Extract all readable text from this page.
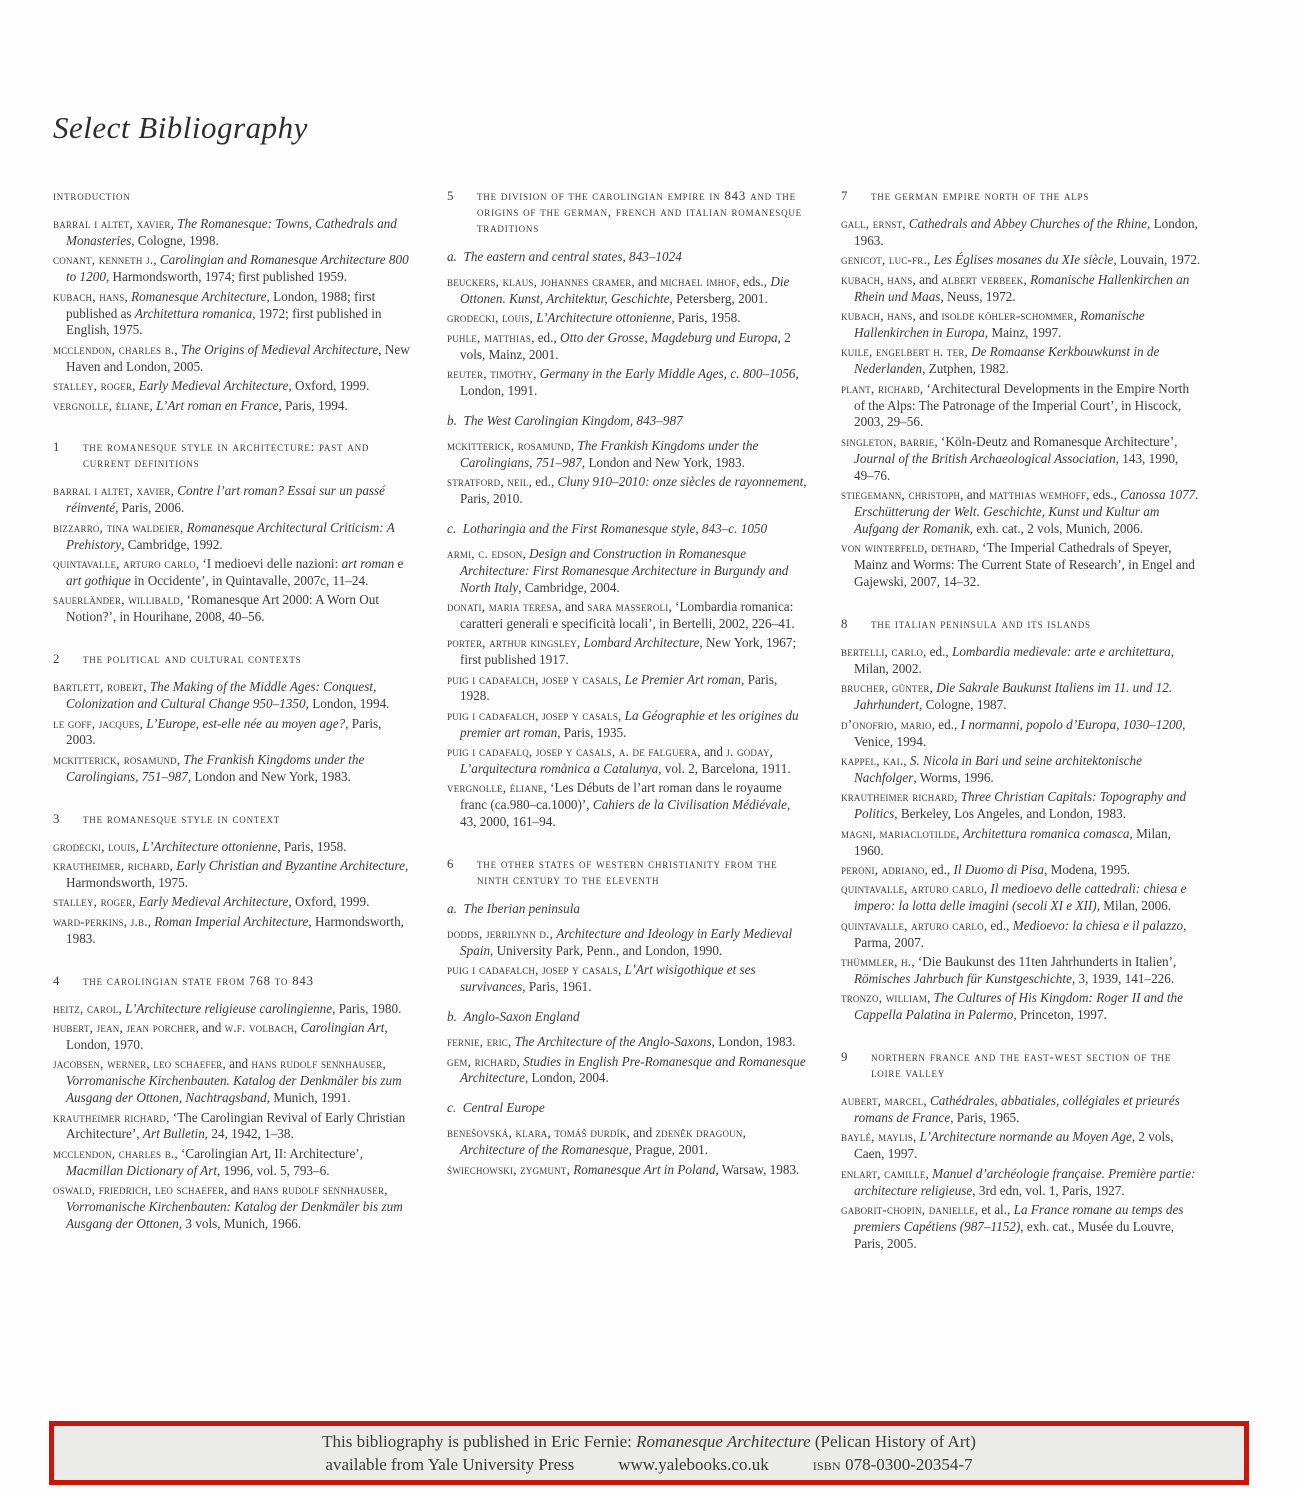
Select Bibliography
introduction

barral i altet, xavier, The Romanesque: Towns, Cathedrals and Monasteries, Cologne, 1998.

conant, kenneth j., Carolingian and Romanesque Architecture 800 to 1200, Harmondsworth, 1974; first published 1959.

kubach, hans, Romanesque Architecture, London, 1988; first published as Architettura romanica, 1972; first published in English, 1975.

mcclendon, charles b., The Origins of Medieval Architecture, New Haven and London, 2005.

stalley, roger, Early Medieval Architecture, Oxford, 1999.

vergnolle, éliane, L’Art roman en France, Paris, 1994.

1	the romanesque style in architecture: past and current definitions

barral i altet, xavier, Contre l’art roman? Essai sur un passé réinventé, Paris, 2006.

bizzarro, tina waldeier, Romanesque Architectural Criticism: A Prehistory, Cambridge, 1992.

quintavalle, arturo carlo, ‘I medioevi delle nazioni: art roman e art gothique in Occidente’, in Quintavalle, 2007c, 11–24.

sauerländer, willibald, ‘Romanesque Art 2000: A Worn Out Notion?’, in Hourihane, 2008, 40–56.

2	the political and cultural contexts

bartlett, robert, The Making of the Middle Ages: Conquest, Colonization and Cultural Change 950–1350, London, 1994.

le goff, jacques, L’Europe, est-elle née au moyen age?, Paris, 2003.

mckitterick, rosamund, The Frankish Kingdoms under the Carolingians, 751–987, London and New York, 1983.

3	the romanesque style in context

grodecki, louis, L’Architecture ottonienne, Paris, 1958.

krautheimer, richard, Early Christian and Byzantine Architecture, Harmondsworth, 1975.

stalley, roger, Early Medieval Architecture, Oxford, 1999.

ward-perkins, j.b., Roman Imperial Architecture, Harmondsworth, 1983.

4	the carolingian state from 768 to 843

heitz, carol, L’Architecture religieuse carolingienne, Paris, 1980.

hubert, jean, jean porcher, and w.f. volbach, Carolingian Art, London, 1970.

jacobsen, werner, leo schaefer, and hans rudolf sennhauser, Vorromanische Kirchenbauten. Katalog der Denkmäler bis zum Ausgang der Ottonen, Nachtragsband, Munich, 1991.

krautheimer richard, ‘The Carolingian Revival of Early Christian Architecture’, Art Bulletin, 24, 1942, 1–38.

mcclendon, charles b., ‘Carolingian Art, II: Architecture’, Macmillan Dictionary of Art, 1996, vol. 5, 793–6.

oswald, friedrich, leo schaefer, and hans rudolf sennhauser, Vorromanische Kirchenbauten: Katalog der Denkmäler bis zum Ausgang der Ottonen, 3 vols, Munich, 1966.

5	the division of the carolingian empire in 843 and the origins of the german, french and italian romanesque traditions
a.  The eastern and central states, 843–1024

beuckers, klaus, johannes cramer, and michael imhof, eds., Die Ottonen. Kunst, Architektur, Geschichte, Petersberg, 2001.

grodecki, louis, L’Architecture ottonienne, Paris, 1958.

puhle, matthias, ed., Otto der Grosse, Magdeburg und Europa, 2 vols, Mainz, 2001.

reuter, timothy, Germany in the Early Middle Ages, c. 800–1056, London, 1991.

b.  The West Carolingian Kingdom, 843–987

mckitterick, rosamund, The Frankish Kingdoms under the Carolingians, 751–987, London and New York, 1983.

stratford, neil, ed., Cluny 910–2010: onze siècles de rayonnement, Paris, 2010.

c.  Lotharingia and the First Romanesque style, 843–c. 1050

armi, c. edson, Design and Construction in Romanesque Architecture: First Romanesque Architecture in Burgundy and North Italy, Cambridge, 2004.

donati, maria teresa, and sara masseroli, ‘Lombardia romanica: caratteri generali e specificità locali’, in Bertelli, 2002, 226–41.

porter, arthur kingsley, Lombard Architecture, New York, 1967; first published 1917.

puig i cadafalch, josep y casals, Le Premier Art roman, Paris, 1928.

puig i cadafalch, josep y casals, La Géographie et les origines du premier art roman, Paris, 1935.

puig i cadafalq, josep y casals, a. de falguera, and j. goday, L’arquitectura romànica a Catalunya, vol. 2, Barcelona, 1911.

vergnolle, éliane, ‘Les Débuts de l’art roman dans le royaume franc (ca.980–ca.1000)’, Cahiers de la Civilisation Médiévale, 43, 2000, 161–94.

6	the other states of western christianity from the ninth century to the eleventh
a.  The Iberian peninsula

dodds, jerrilynn d., Architecture and Ideology in Early Medieval Spain, University Park, Penn., and London, 1990.

puig i cadafalch, josep y casals, L’Art wisigothique et ses survivances, Paris, 1961.

b.  Anglo-Saxon England

fernie, eric, The Architecture of the Anglo-Saxons, London, 1983.

gem, richard, Studies in English Pre-Romanesque and Romanesque Architecture, London, 2004.

c.  Central Europe

benešovská, klara, tomáš durdík, and zdeněk dragoun, Architecture of the Romanesque, Prague, 2001.

świechowski, zygmunt, Romanesque Art in Poland, Warsaw, 1983.

7	the german empire north of the alps

gall, ernst, Cathedrals and Abbey Churches of the Rhine, London, 1963.

genicot, luc-fr., Les Églises mosanes du XIe siècle, Louvain, 1972.

kubach, hans, and albert verbeek, Romanische Hallenkirchen an Rhein und Maas, Neuss, 1972.

kubach, hans, and isolde köhler-schommer, Romanische Hallenkirchen in Europa, Mainz, 1997.

kuile, engelbert h. ter, De Romaanse Kerkbouwkunst in de Nederlanden, Zutphen, 1982.

plant, richard, ‘Architectural Developments in the Empire North of the Alps: The Patronage of the Imperial Court’, in Hiscock, 2003, 29–56.

singleton, barrie, ‘Köln-Deutz and Romanesque Architecture’, Journal of the British Archaeological Association, 143, 1990, 49–76.

stiegemann, christoph, and matthias wemhoff, eds., Canossa 1077. Erschütterung der Welt. Geschichte, Kunst und Kultur am Aufgang der Romanik, exh. cat., 2 vols, Munich, 2006.

von winterfeld, dethard, ‘The Imperial Cathedrals of Speyer, Mainz and Worms: The Current State of Research’, in Engel and Gajewski, 2007, 14–32.

8	the italian peninsula and its islands

bertelli, carlo, ed., Lombardia medievale: arte e architettura, Milan, 2002.

brucher, günter, Die Sakrale Baukunst Italiens im 11. und 12. Jahrhundert, Cologne, 1987.

d’onofrio, mario, ed., I normanni, popolo d’Europa, 1030–1200, Venice, 1994.

kappel, kai., S. Nicola in Bari und seine architektonische Nachfolger, Worms, 1996.

krautheimer richard, Three Christian Capitals: Topography and Politics, Berkeley, Los Angeles, and London, 1983.

magni, mariaclotilde, Architettura romanica comasca, Milan, 1960.

peroni, adriano, ed., Il Duomo di Pisa, Modena, 1995.

quintavalle, arturo carlo, Il medioevo delle cattedrali: chiesa e impero: la lotta delle imagini (secoli XI e XII), Milan, 2006.

quintavalle, arturo carlo, ed., Medioevo: la chiesa e il palazzo, Parma, 2007.

thümmler, h., ‘Die Baukunst des 11ten Jahrhunderts in Italien’, Römisches Jahrbuch für Kunstgeschichte, 3, 1939, 141–226.

tronzo, william, The Cultures of His Kingdom: Roger II and the Cappella Palatina in Palermo, Princeton, 1997.

9	northern france and the east-west section of the loire valley

aubert, marcel, Cathédrales, abbatiales, collégiales et prieurés romans de France, Paris, 1965.

baylé, maylis, L’Architecture normande au Moyen Age, 2 vols, Caen, 1997.

enlart, camille, Manuel d’archéologie française. Première partie: architecture religieuse, 3rd edn, vol. 1, Paris, 1927.

gaborit-chopin, danielle, et al., La France romane au temps des premiers Capétiens (987–1152), exh. cat., Musée du Louvre, Paris, 2005.

This bibliography is published in Eric Fernie: Romanesque Architecture (Pelican History of Art)
available from Yale University Press	www.yalebooks.co.uk	isbn 078-0300-20354-7
